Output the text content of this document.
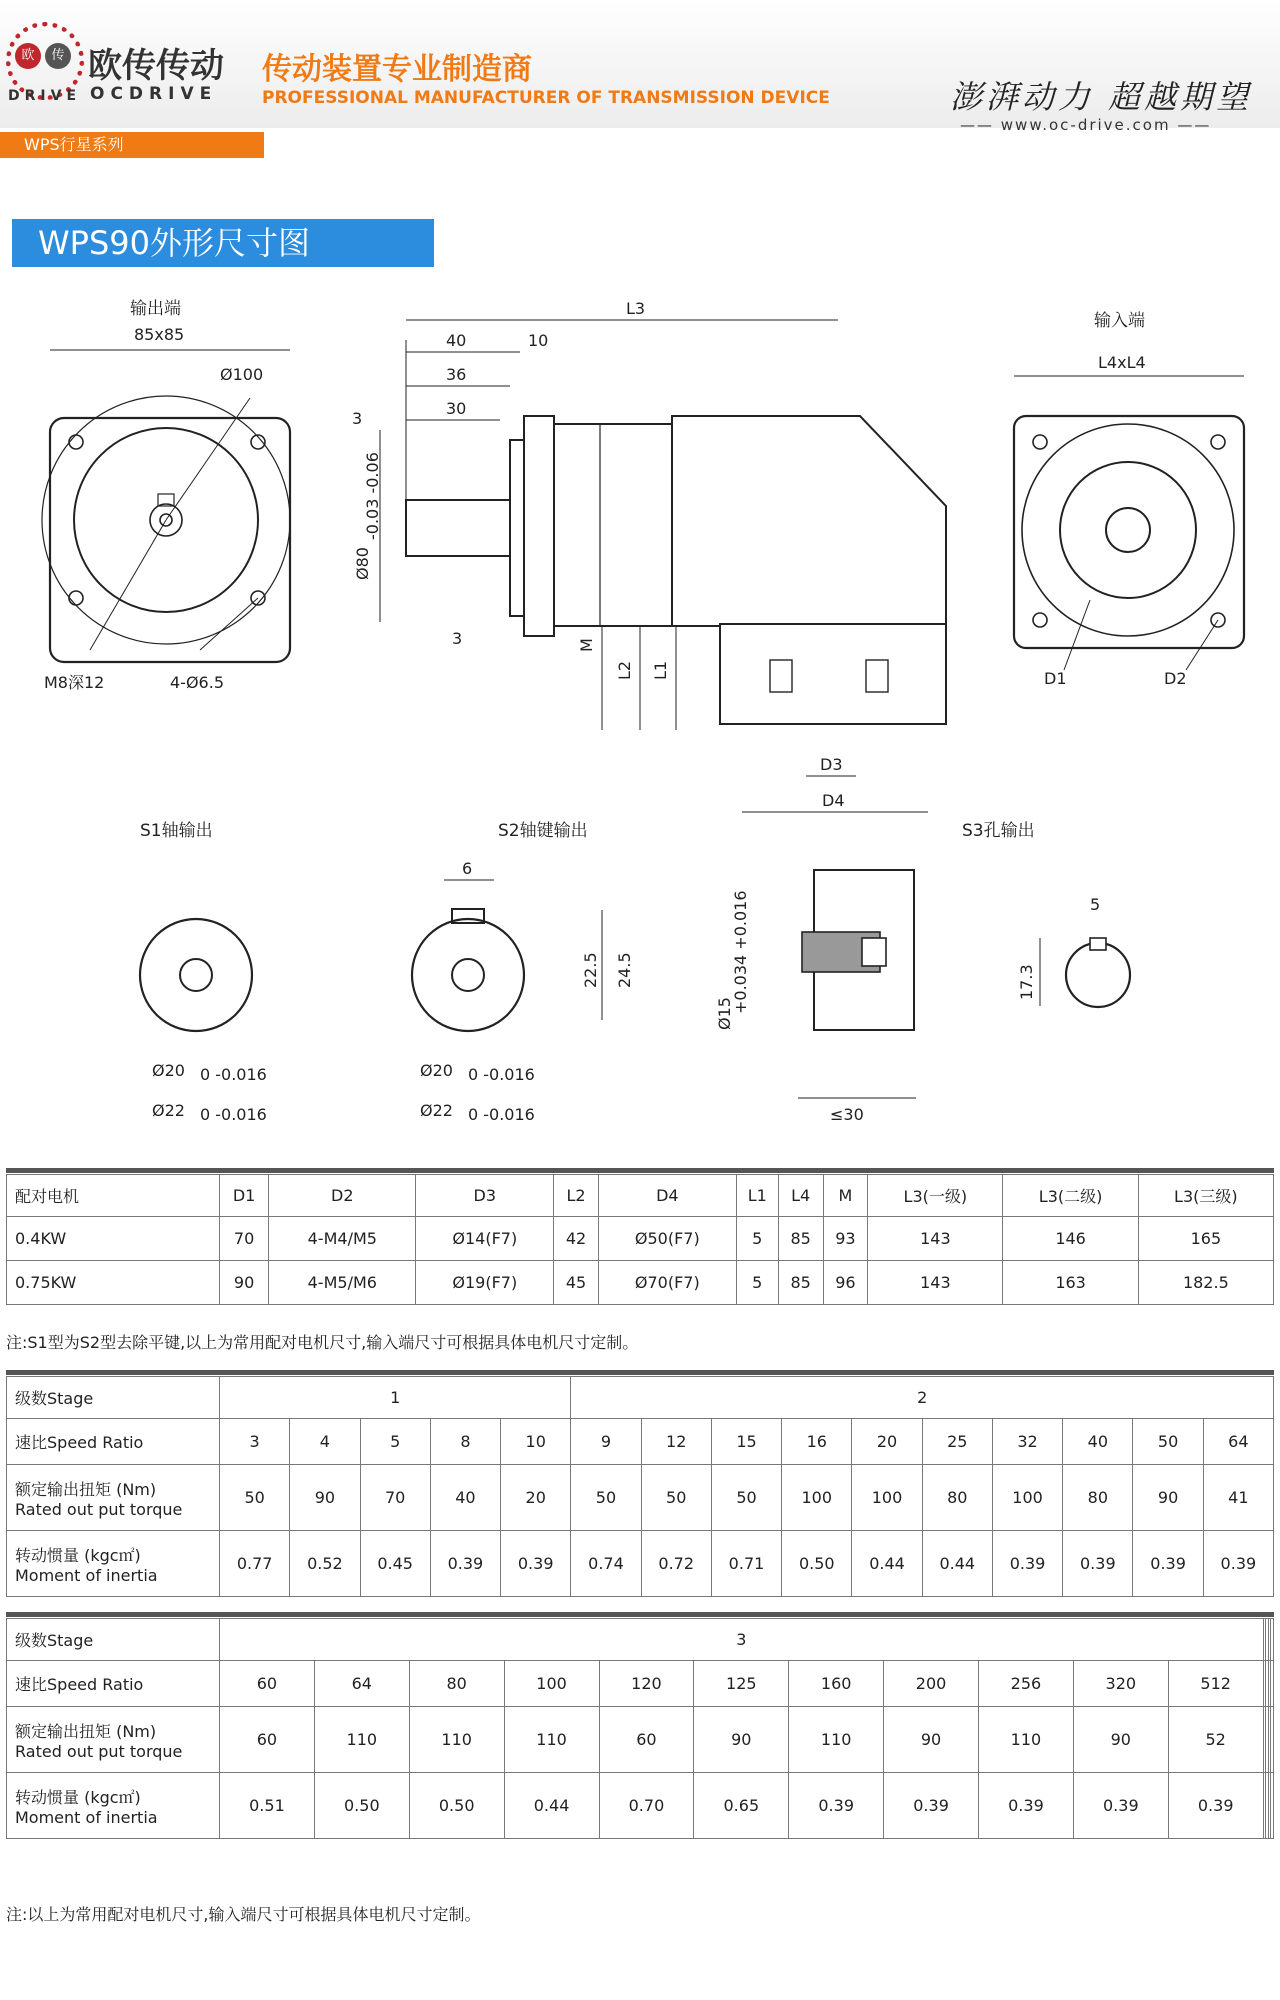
欧	传
DRIVE
欧传传动
OCDRIVE
传动装置专业制造商
PROFESSIONAL MANUFACTURER OF TRANSMISSION DEVICE	澎湃动力 超越期望
—— www.oc-drive.com ——
WPS行星系列
WPS90外形尺寸图
输出端
85x85
Ø100
M8深12	4-Ø6.5
L3
40	10
36
30
3
Ø80
-0.03 -0.06
3	M
L2 L1
D3
D4
输入端
L4xL4
D1	D2
S1轴输出	S2轴键输出	S3孔输出
Ø20 0 -0.016
Ø22 0 -0.016
6
22.5 24.5
Ø20 0 -0.016
Ø22 0 -0.016	≤30
Ø15
+0.034 +0.016	5
17.3
配对电机	D1	D2	D3	L2	D4	L1	L4	M	L3(一级)	L3(二级)	L3(三级)
0.4KW	70	4-M4/M5	Ø14(F7)	42	Ø50(F7)	5	85	93	143	146	165
0.75KW	90	4-M5/M6	Ø19(F7)	45	Ø70(F7)	5	85	96	143	163	182.5
注:S1型为S2型去除平键,以上为常用配对电机尺寸,输入端尺寸可根据具体电机尺寸定制。
级数Stage	1					2									

速比Speed Ratio	3	4	5	8	10	9	12	15	16	20	25	32	40	50	64

额定输出扭矩 (Nm)
Rated out put torque	50	90	70	40	20	50	50	50	100	100	80	100	80	90	41

转动惯量 (kgc㎡)
Moment of inertia	0.77	0.52	0.45	0.39	0.39	0.74	0.72	0.71	0.50	0.44	0.44	0.39	0.39	0.39	0.39
级数Stage	3														

速比Speed Ratio	60	64	80	100	120	125	160	200	256	320	512				

额定输出扭矩 (Nm)
Rated out put torque	60	110	110	110	60	90	110	90	110	90	52				

转动惯量 (kgc㎡)
Moment of inertia	0.51	0.50	0.50	0.44	0.70	0.65	0.39	0.39	0.39	0.39	0.39				
注:以上为常用配对电机尺寸,输入端尺寸可根据具体电机尺寸定制。
